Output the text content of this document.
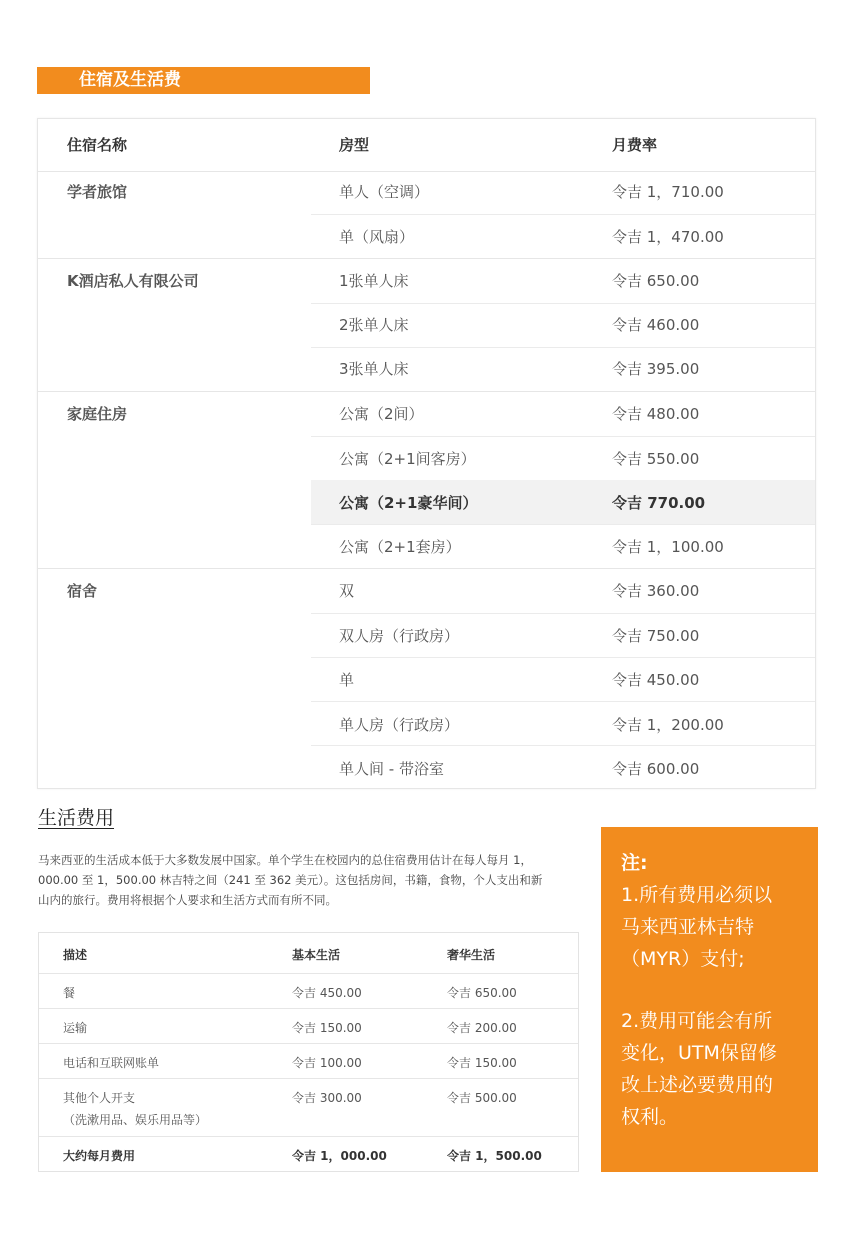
住宿及生活费
住宿名称	房型	月费率
学者旅馆	单人（空调）	令吉 1，710.00
单（风扇）	令吉 1，470.00
K酒店私人有限公司	1张单人床	令吉 650.00
2张单人床	令吉 460.00
3张单人床	令吉 395.00
家庭住房	公寓（2间）	令吉 480.00
公寓（2+1间客房）	令吉 550.00
公寓（2+1豪华间）	令吉 770.00
公寓（2+1套房）	令吉 1，100.00
宿舍	双	令吉 360.00
双人房（行政房）	令吉 750.00
单	令吉 450.00
单人房（行政房）	令吉 1，200.00
单人间 - 带浴室	令吉 600.00
生活费用
马来西亚的生活成本低于大多数发展中国家。单个学生在校园内的总住宿费用估计在每人每月 1，
000.00 至 1，500.00 林吉特之间（241 至 362 美元）。这包括房间，书籍，食物，个人支出和新
山内的旅行。费用将根据个人要求和生活方式而有所不同。
描述	基本生活	奢华生活
餐	令吉 450.00	令吉 650.00
运输	令吉 150.00	令吉 200.00
电话和互联网账单	令吉 100.00	令吉 150.00
其他个人开支	令吉 300.00	令吉 500.00
（洗漱用品、娱乐用品等）
大约每月费用	令吉 1，000.00	令吉 1，500.00

注:

1.所有费用必须以

马来西亚林吉特

（MYR）支付;

2.费用可能会有所

变化，UTM保留修

改上述必要费用的

权利。
